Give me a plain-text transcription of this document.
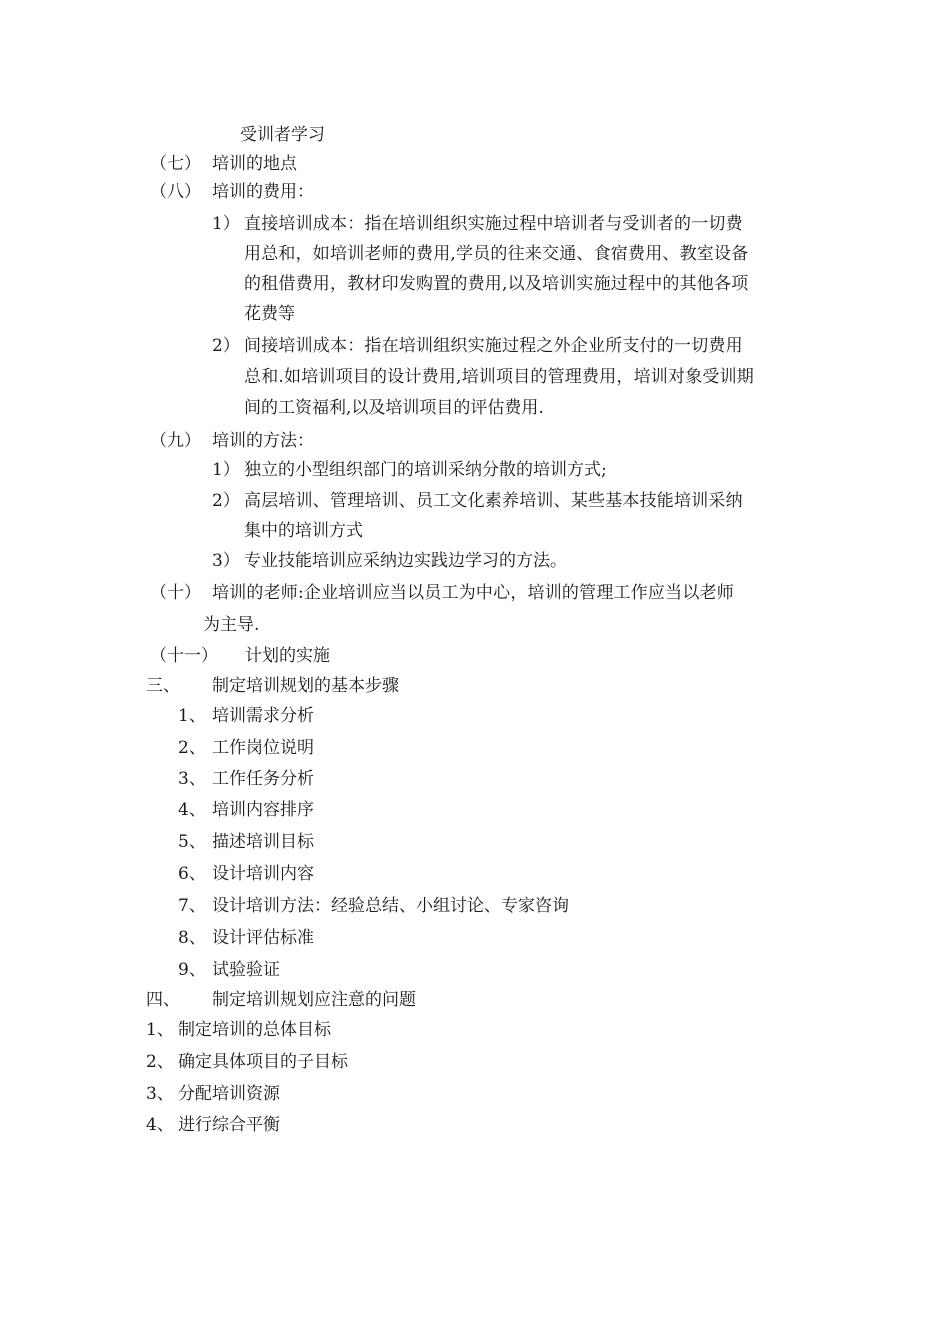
受训者学习
（七） 培训的地点
（八） 培训的费用：
1） 直接培训成本：指在培训组织实施过程中培训者与受训者的一切费
用总和，如培训老师的费用,学员的往来交通、食宿费用、教室设备
的租借费用，教材印发购置的费用,以及培训实施过程中的其他各项
花费等
2） 间接培训成本：指在培训组织实施过程之外企业所支付的一切费用
总和.如培训项目的设计费用,培训项目的管理费用，培训对象受训期
间的工资福利,以及培训项目的评估费用.
（九） 培训的方法：
1） 独立的小型组织部门的培训采纳分散的培训方式;
2） 高层培训、管理培训、员工文化素养培训、某些基本技能培训采纳
集中的培训方式
3） 专业技能培训应采纳边实践边学习的方法。
（十） 培训的老师:企业培训应当以员工为中心，培训的管理工作应当以老师
为主导.
（十一） 计划的实施
三、 制定培训规划的基本步骤
1、 培训需求分析
2、 工作岗位说明
3、 工作任务分析
4、 培训内容排序
5、 描述培训目标
6、 设计培训内容
7、 设计培训方法：经验总结、小组讨论、专家咨询
8、 设计评估标准
9、 试验验证
四、 制定培训规划应注意的问题
1、 制定培训的总体目标
2、 确定具体项目的子目标
3、 分配培训资源
4、 进行综合平衡
